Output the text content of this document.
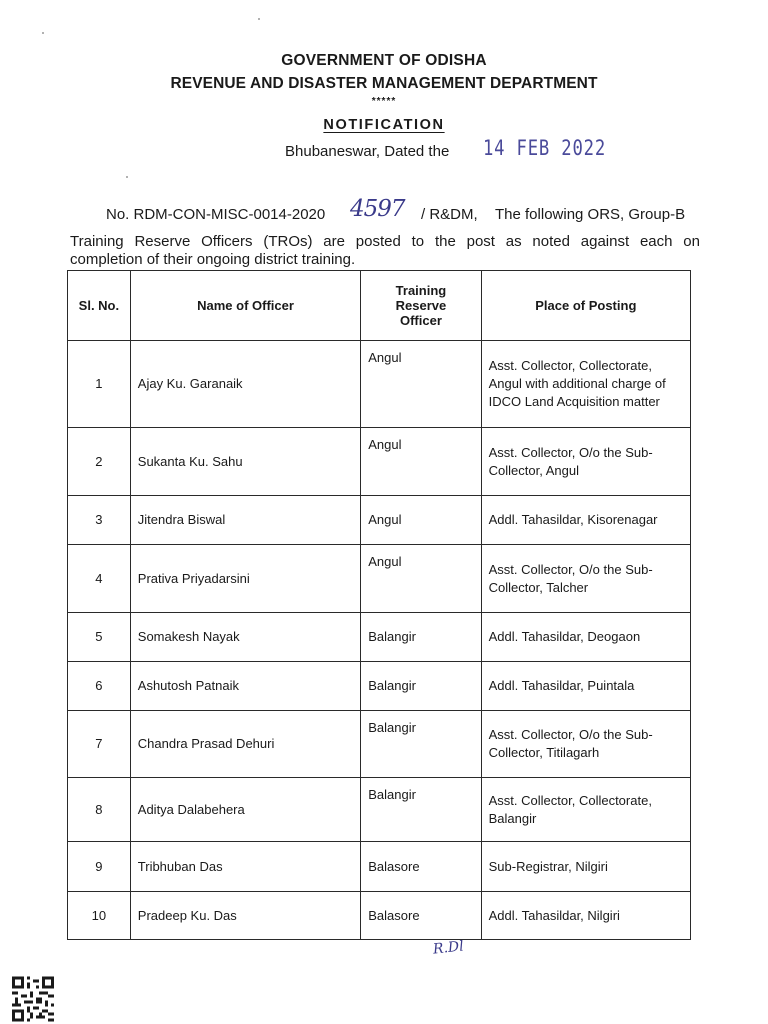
GOVERNMENT OF ODISHA
REVENUE AND DISASTER MANAGEMENT DEPARTMENT
*****
NOTIFICATION
Bhubaneswar, Dated the 14 FEB 2022
No. RDM-CON-MISC-0014-2020 4597 / R&DM, The following ORS, Group-B
Training Reserve Officers (TROs) are posted to the post as noted against each on
completion of their ongoing district training.
Sl. No.	Name of Officer	Training Reserve Officer	Place of Posting
1	Ajay Ku. Garanaik	Angul	Asst. Collector, Collectorate, Angul with additional charge of IDCO Land Acquisition matter
2	Sukanta Ku. Sahu	Angul	Asst. Collector, O/o the Sub-Collector, Angul
3	Jitendra Biswal	Angul	Addl. Tahasildar, Kisorenagar
4	Prativa Priyadarsini	Angul	Asst. Collector, O/o the Sub-Collector, Talcher
5	Somakesh Nayak	Balangir	Addl. Tahasildar, Deogaon
6	Ashutosh Patnaik	Balangir	Addl. Tahasildar, Puintala
7	Chandra Prasad Dehuri	Balangir	Asst. Collector, O/o the Sub-Collector, Titilagarh
8	Aditya Dalabehera	Balangir	Asst. Collector, Collectorate, Balangir
9	Tribhuban Das	Balasore	Sub-Registrar, Nilgiri
10	Pradeep Ku. Das	Balasore	Addl. Tahasildar, Nilgiri
R.Dl
